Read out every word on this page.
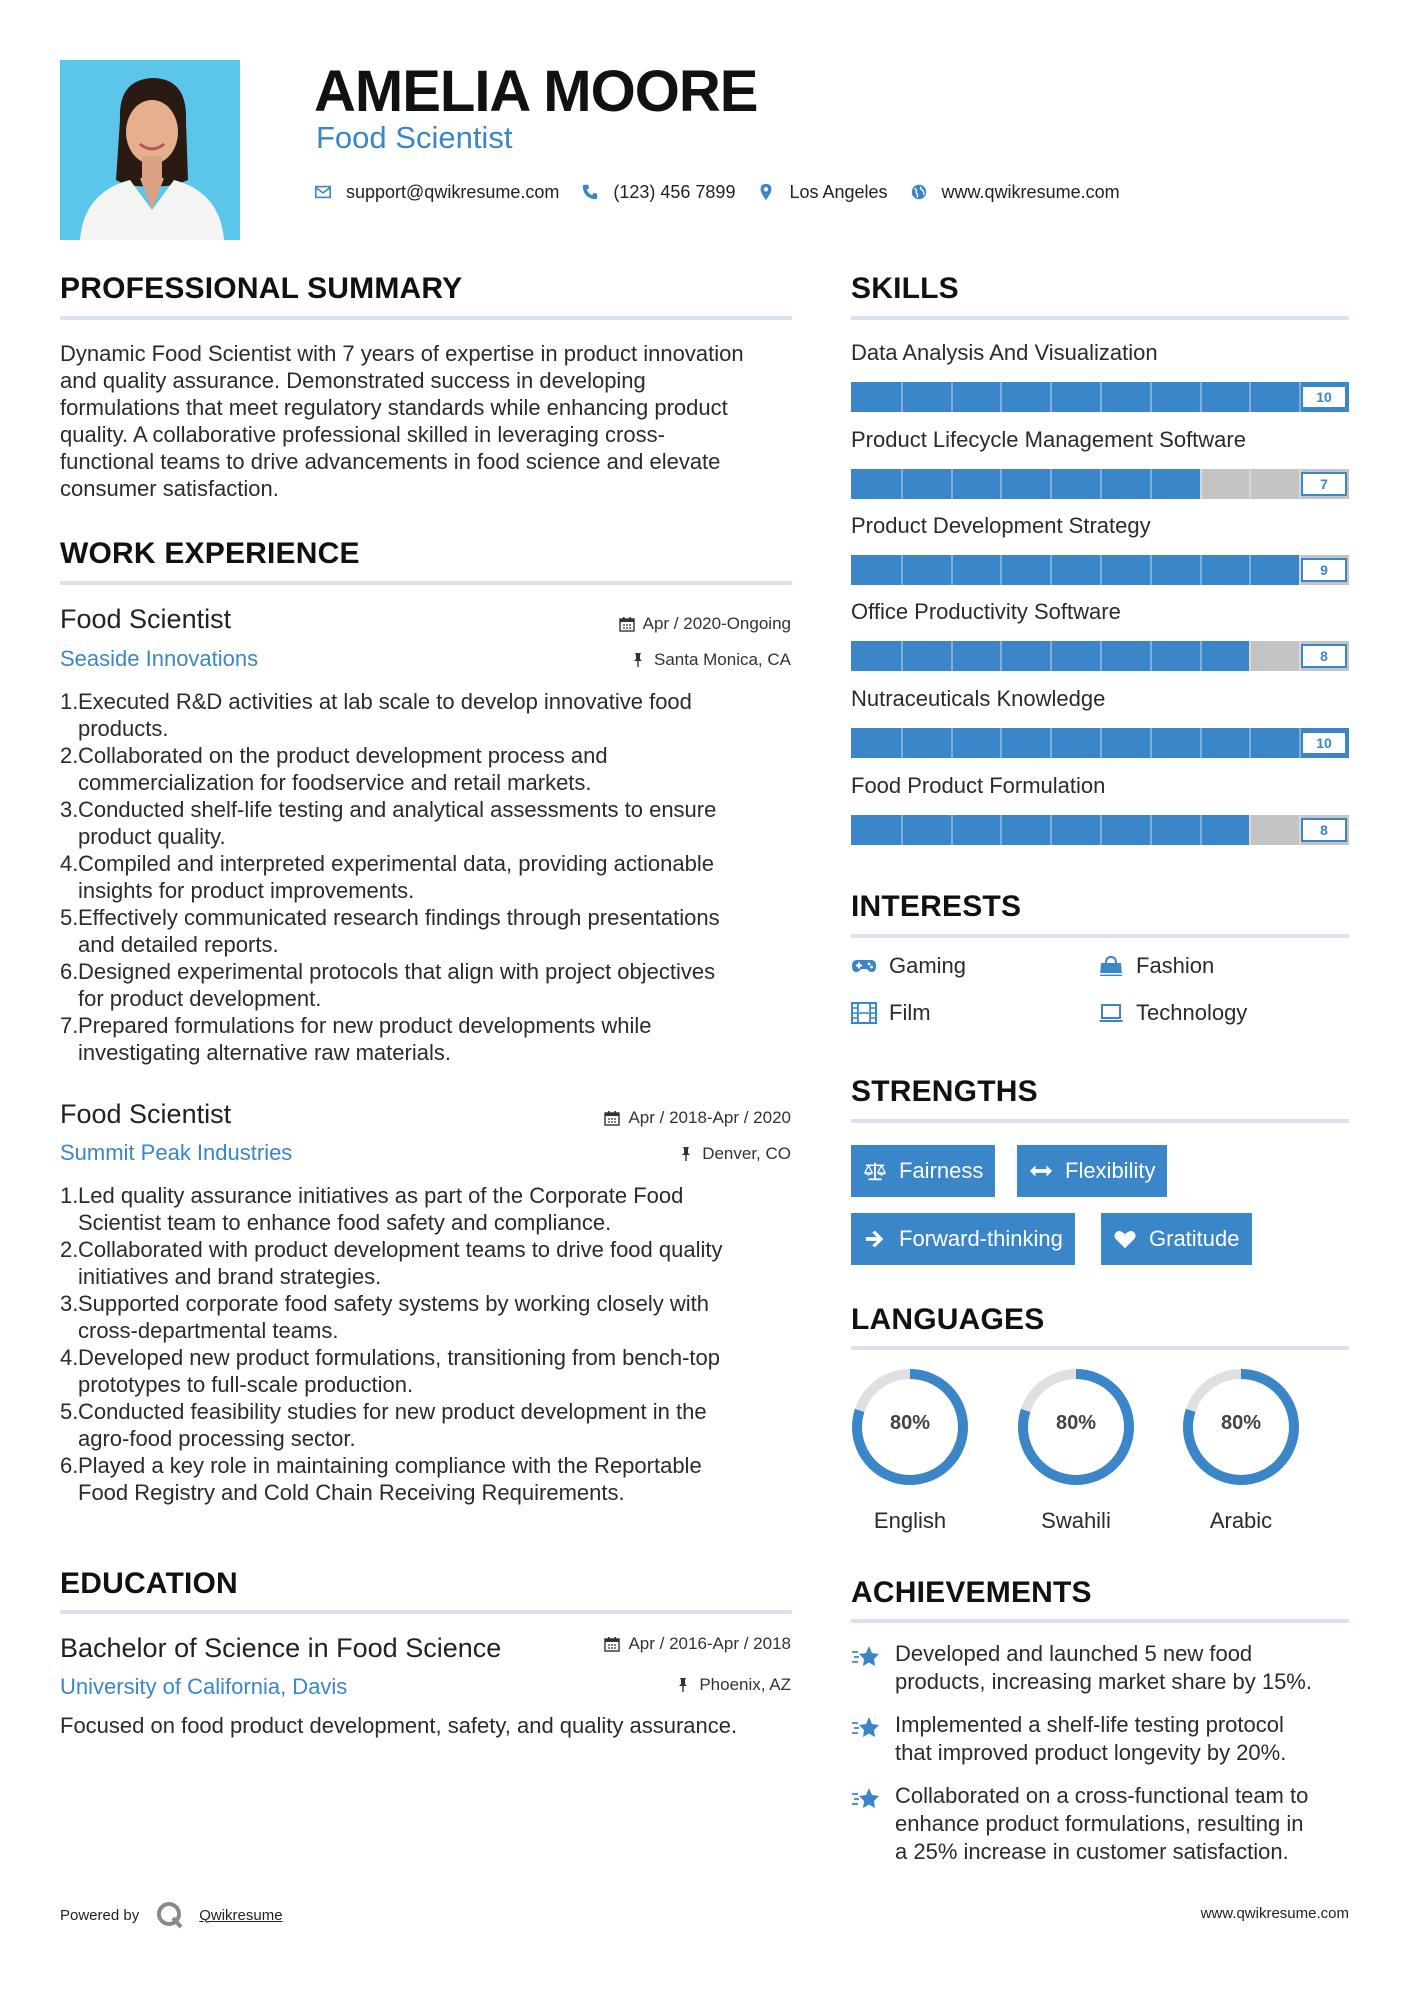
AMELIA MOORE
Food Scientist
support@qwikresume.com	(123) 456 7899	Los Angeles	www.qwikresume.com
PROFESSIONAL SUMMARY
Dynamic Food Scientist with 7 years of expertise in product innovation
and quality assurance. Demonstrated success in developing
formulations that meet regulatory standards while enhancing product
quality. A collaborative professional skilled in leveraging cross-
functional teams to drive advancements in food science and elevate
consumer satisfaction.
WORK EXPERIENCE
Food Scientist	Apr / 2020-Ongoing
Seaside Innovations	Santa Monica, CA
1. Executed R&D activities at lab scale to develop innovative food
products.
2. Collaborated on the product development process and
commercialization for foodservice and retail markets.
3. Conducted shelf-life testing and analytical assessments to ensure
product quality.
4. Compiled and interpreted experimental data, providing actionable
insights for product improvements.
5. Effectively communicated research findings through presentations
and detailed reports.
6. Designed experimental protocols that align with project objectives
for product development.
7. Prepared formulations for new product developments while
investigating alternative raw materials.
Food Scientist	Apr / 2018-Apr / 2020
Summit Peak Industries	Denver, CO
1. Led quality assurance initiatives as part of the Corporate Food
Scientist team to enhance food safety and compliance.
2. Collaborated with product development teams to drive food quality
initiatives and brand strategies.
3. Supported corporate food safety systems by working closely with
cross-departmental teams.
4. Developed new product formulations, transitioning from bench-top
prototypes to full-scale production.
5. Conducted feasibility studies for new product development in the
agro-food processing sector.
6. Played a key role in maintaining compliance with the Reportable
Food Registry and Cold Chain Receiving Requirements.
EDUCATION
Bachelor of Science in Food Science	Apr / 2016-Apr / 2018
University of California, Davis	Phoenix, AZ
Focused on food product development, safety, and quality assurance.
SKILLS
Data Analysis And Visualization
10
Product Lifecycle Management Software
7
Product Development Strategy
9
Office Productivity Software
8
Nutraceuticals Knowledge
10
Food Product Formulation
8
INTERESTS
Gaming	Fashion
Film	Technology
STRENGTHS
Fairness	Flexibility
Forward-thinking	Gratitude
LANGUAGES
80%
English
80%
Swahili
80%
Arabic
ACHIEVEMENTS
Developed and launched 5 new food
products, increasing market share by 15%.
Implemented a shelf-life testing protocol
that improved product longevity by 20%.
Collaborated on a cross-functional team to
enhance product formulations, resulting in
a 25% increase in customer satisfaction.
Powered by	Qwikresume	www.qwikresume.com
